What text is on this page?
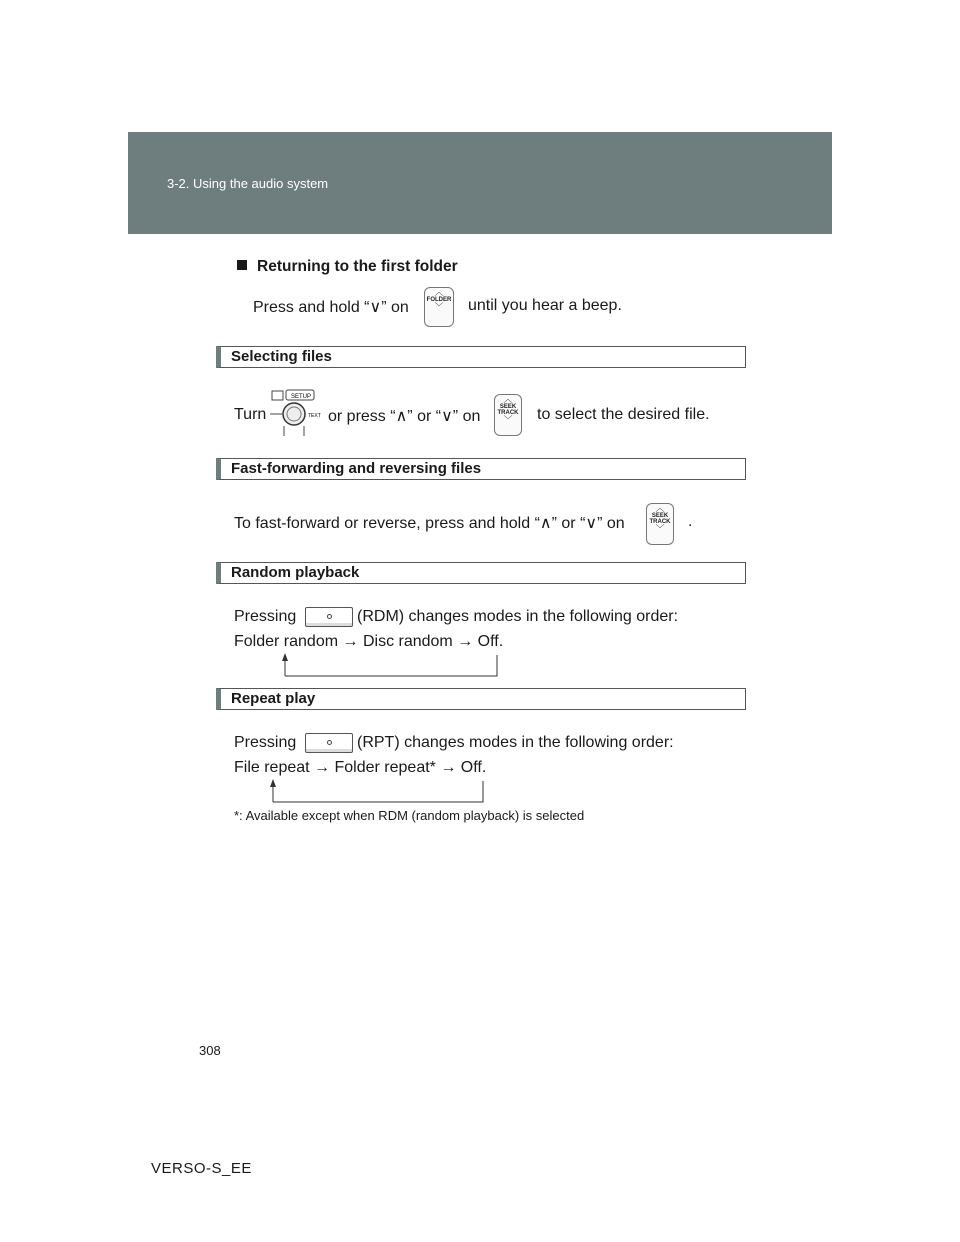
3-2. Using the audio system
Returning to the first folder
Press and hold “∨” on
︿
FOLDER
﹀	until you hear a beep.
Selecting files
Turn
SETUP
TEXT or press “∧” or “∨” on
︿
SEEK
TRACK
﹀	to select the desired file.
Fast-forwarding and reversing files
To fast-forward or reverse, press and hold “∧” or “∨” on
︿
SEEK
TRACK
﹀	.
Random playback
Pressing	(RDM) changes modes in the following order:
Folder random → Disc random → Off.
Repeat play
Pressing	(RPT) changes modes in the following order:
File repeat → Folder repeat* → Off.
*: Available except when RDM (random playback) is selected
308
VERSO-S_EE
